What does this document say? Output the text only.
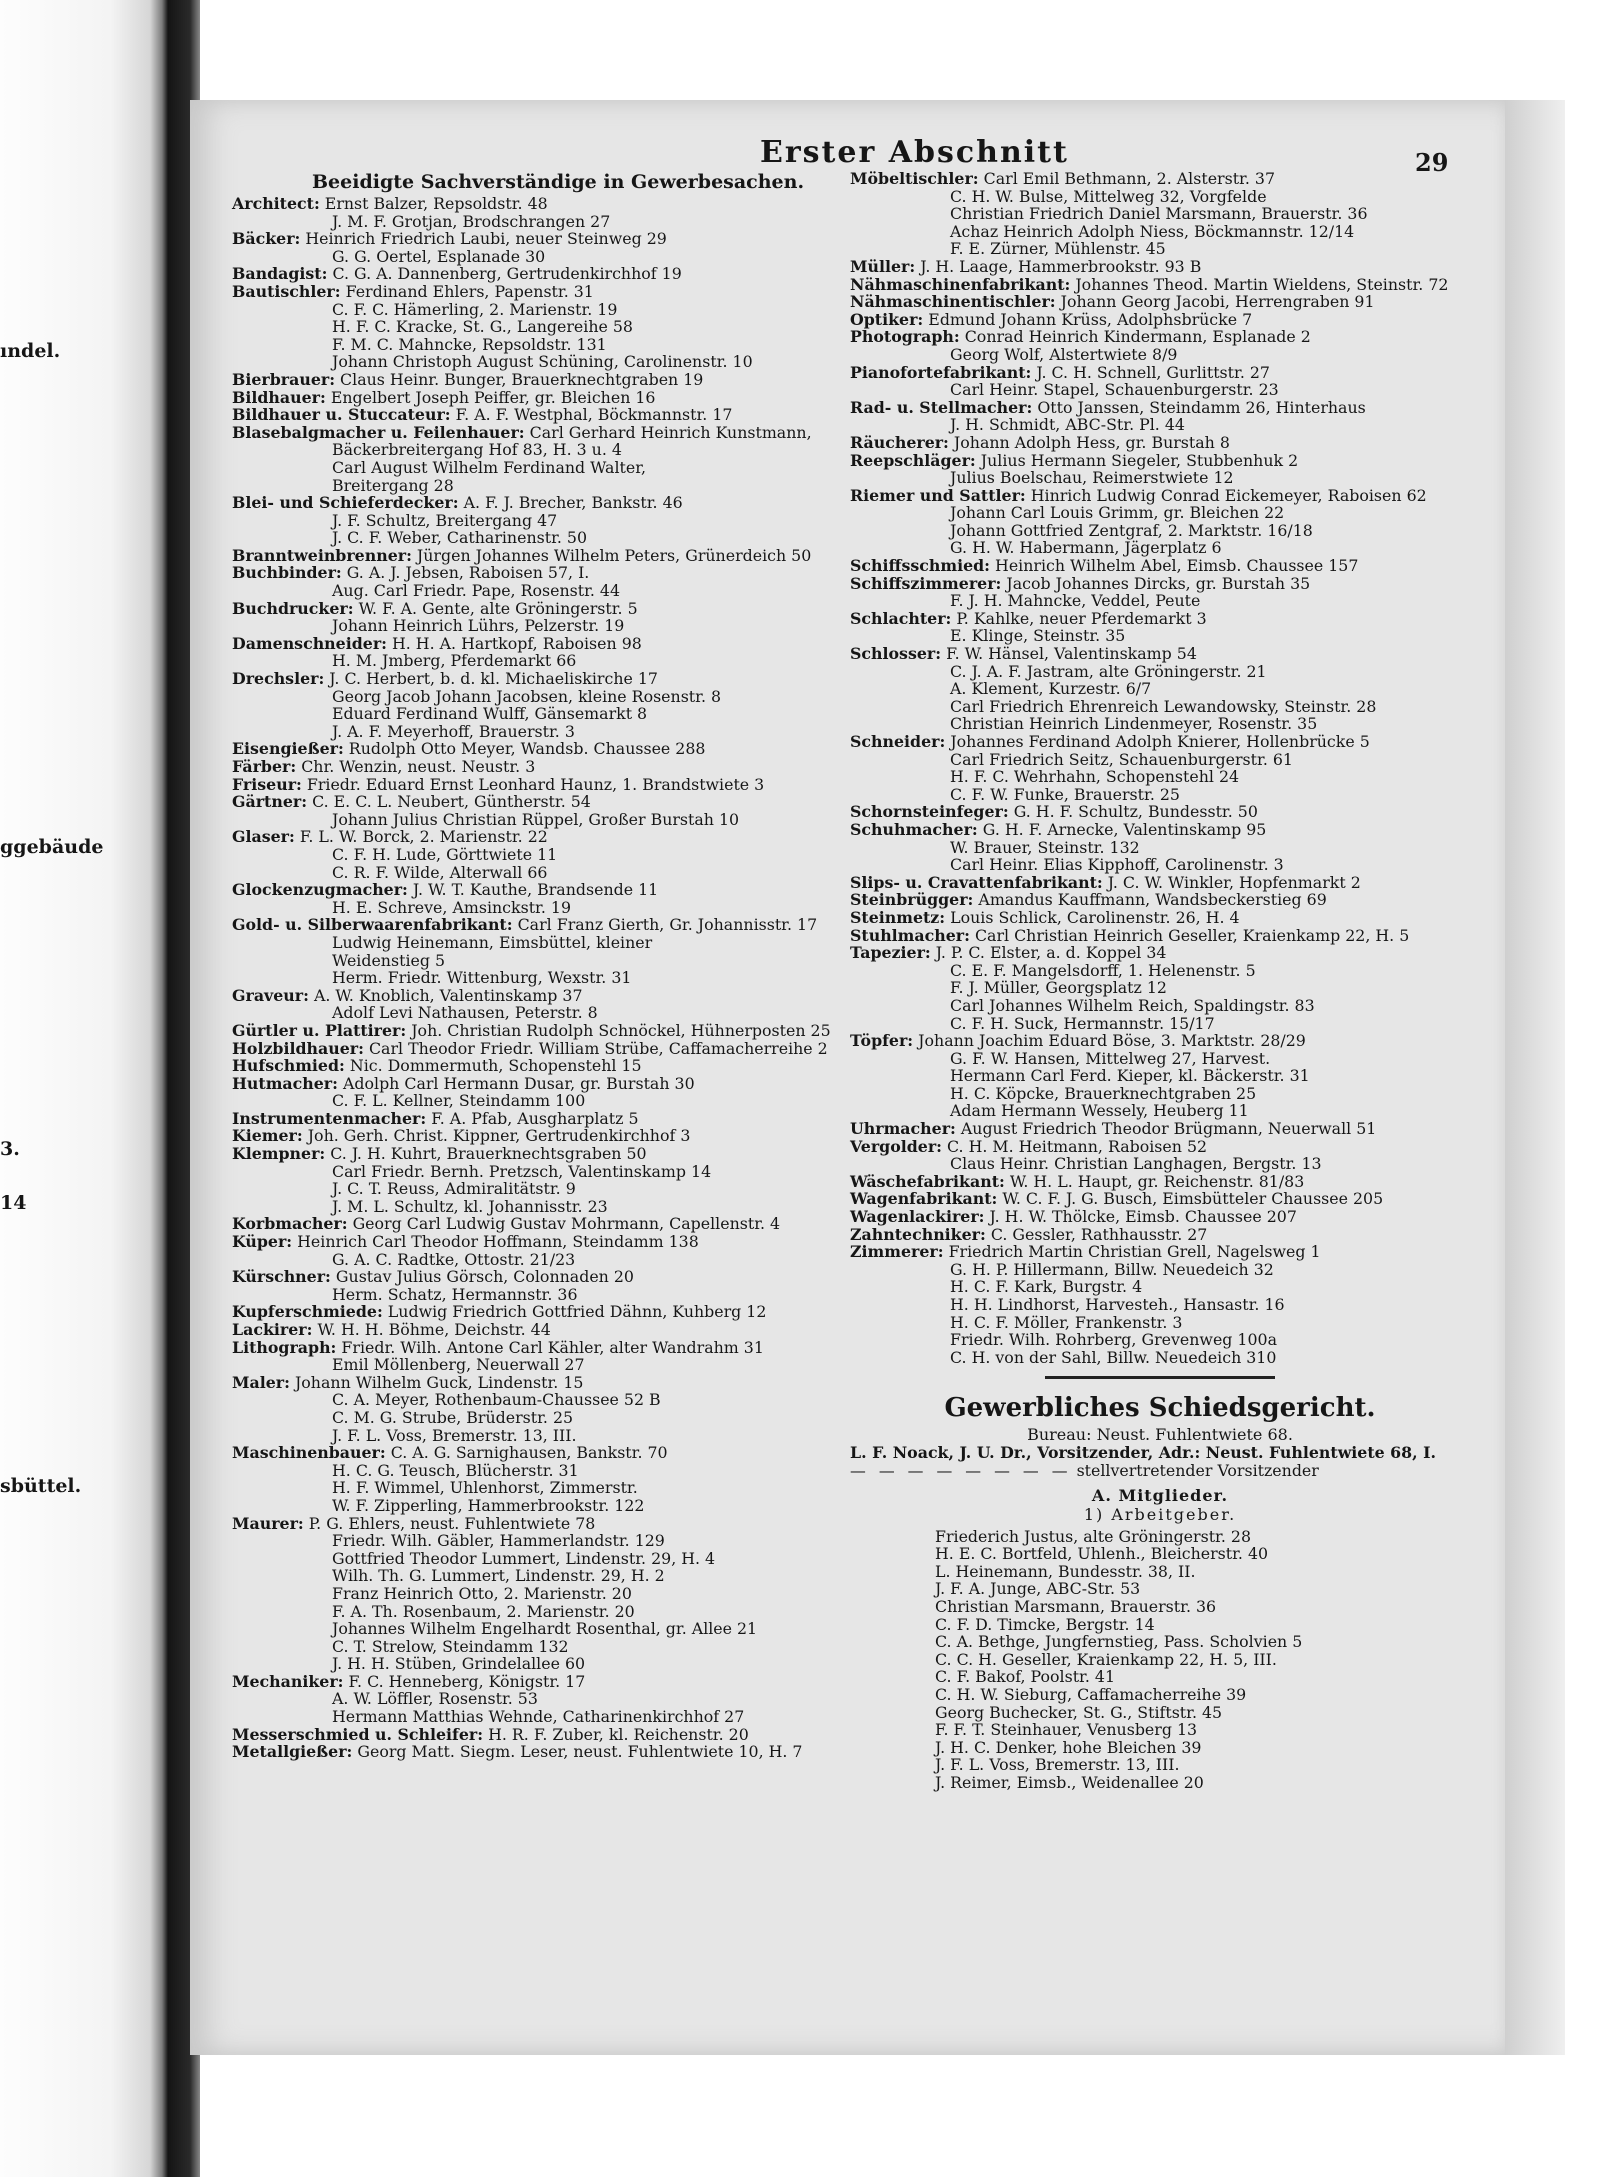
ındel.
ggebäude
3.
14
sbüttel.
Erster Abschnitt	29
Beeidigte Sachverständige in Gewerbesachen.
Architect: Ernst Balzer, Repsoldstr. 48
J. M. F. Grotjan, Brodschrangen 27
Bäcker: Heinrich Friedrich Laubi, neuer Steinweg 29
G. G. Oertel, Esplanade 30
Bandagist: C. G. A. Dannenberg, Gertrudenkirchhof 19
Bautischler: Ferdinand Ehlers, Papenstr. 31
C. F. C. Hämerling, 2. Marienstr. 19
H. F. C. Kracke, St. G., Langereihe 58
F. M. C. Mahncke, Repsoldstr. 131
Johann Christoph August Schüning, Carolinenstr. 10
Bierbrauer: Claus Heinr. Bunger, Brauerknechtgraben 19
Bildhauer: Engelbert Joseph Peiffer, gr. Bleichen 16
Bildhauer u. Stuccateur: F. A. F. Westphal, Böckmannstr. 17
Blasebalgmacher u. Feilenhauer: Carl Gerhard Heinrich Kunstmann,
Bäckerbreitergang Hof 83, H. 3 u. 4
Carl August Wilhelm Ferdinand Walter,
Breitergang 28
Blei- und Schieferdecker: A. F. J. Brecher, Bankstr. 46
J. F. Schultz, Breitergang 47
J. C. F. Weber, Catharinenstr. 50
Branntweinbrenner: Jürgen Johannes Wilhelm Peters, Grünerdeich 50
Buchbinder: G. A. J. Jebsen, Raboisen 57, I.
Aug. Carl Friedr. Pape, Rosenstr. 44
Buchdrucker: W. F. A. Gente, alte Gröningerstr. 5
Johann Heinrich Lührs, Pelzerstr. 19
Damenschneider: H. H. A. Hartkopf, Raboisen 98
H. M. Jmberg, Pferdemarkt 66
Drechsler: J. C. Herbert, b. d. kl. Michaeliskirche 17
Georg Jacob Johann Jacobsen, kleine Rosenstr. 8
Eduard Ferdinand Wulff, Gänsemarkt 8
J. A. F. Meyerhoff, Brauerstr. 3
Eisengießer: Rudolph Otto Meyer, Wandsb. Chaussee 288
Färber: Chr. Wenzin, neust. Neustr. 3
Friseur: Friedr. Eduard Ernst Leonhard Haunz, 1. Brandstwiete 3
Gärtner: C. E. C. L. Neubert, Güntherstr. 54
Johann Julius Christian Rüppel, Großer Burstah 10
Glaser: F. L. W. Borck, 2. Marienstr. 22
C. F. H. Lude, Görttwiete 11
C. R. F. Wilde, Alterwall 66
Glockenzugmacher: J. W. T. Kauthe, Brandsende 11
H. E. Schreve, Amsinckstr. 19
Gold- u. Silberwaarenfabrikant: Carl Franz Gierth, Gr. Johannisstr. 17
Ludwig Heinemann, Eimsbüttel, kleiner
Weidenstieg 5
Herm. Friedr. Wittenburg, Wexstr. 31
Graveur: A. W. Knoblich, Valentinskamp 37
Adolf Levi Nathausen, Peterstr. 8
Gürtler u. Plattirer: Joh. Christian Rudolph Schnöckel, Hühnerposten 25
Holzbildhauer: Carl Theodor Friedr. William Strübe, Caffamacherreihe 2
Hufschmied: Nic. Dommermuth, Schopenstehl 15
Hutmacher: Adolph Carl Hermann Dusar, gr. Burstah 30
C. F. L. Kellner, Steindamm 100
Instrumentenmacher: F. A. Pfab, Ausgharplatz 5
Kiemer: Joh. Gerh. Christ. Kippner, Gertrudenkirchhof 3
Klempner: C. J. H. Kuhrt, Brauerknechtsgraben 50
Carl Friedr. Bernh. Pretzsch, Valentinskamp 14
J. C. T. Reuss, Admiralitätstr. 9
J. M. L. Schultz, kl. Johannisstr. 23
Korbmacher: Georg Carl Ludwig Gustav Mohrmann, Capellenstr. 4
Küper: Heinrich Carl Theodor Hoffmann, Steindamm 138
G. A. C. Radtke, Ottostr. 21/23
Kürschner: Gustav Julius Görsch, Colonnaden 20
Herm. Schatz, Hermannstr. 36
Kupferschmiede: Ludwig Friedrich Gottfried Dähnn, Kuhberg 12
Lackirer: W. H. H. Böhme, Deichstr. 44
Lithograph: Friedr. Wilh. Antone Carl Kähler, alter Wandrahm 31
Emil Möllenberg, Neuerwall 27
Maler: Johann Wilhelm Guck, Lindenstr. 15
C. A. Meyer, Rothenbaum-Chaussee 52 B
C. M. G. Strube, Brüderstr. 25
J. F. L. Voss, Bremerstr. 13, III.
Maschinenbauer: C. A. G. Sarnighausen, Bankstr. 70
H. C. G. Teusch, Blücherstr. 31
H. F. Wimmel, Uhlenhorst, Zimmerstr.
W. F. Zipperling, Hammerbrookstr. 122
Maurer: P. G. Ehlers, neust. Fuhlentwiete 78
Friedr. Wilh. Gäbler, Hammerlandstr. 129
Gottfried Theodor Lummert, Lindenstr. 29, H. 4
Wilh. Th. G. Lummert, Lindenstr. 29, H. 2
Franz Heinrich Otto, 2. Marienstr. 20
F. A. Th. Rosenbaum, 2. Marienstr. 20
Johannes Wilhelm Engelhardt Rosenthal, gr. Allee 21
C. T. Strelow, Steindamm 132
J. H. H. Stüben, Grindelallee 60
Mechaniker: F. C. Henneberg, Königstr. 17
A. W. Löffler, Rosenstr. 53
Hermann Matthias Wehnde, Catharinenkirchhof 27
Messerschmied u. Schleifer: H. R. F. Zuber, kl. Reichenstr. 20
Metallgießer: Georg Matt. Siegm. Leser, neust. Fuhlentwiete 10, H. 7
Möbeltischler: Carl Emil Bethmann, 2. Alsterstr. 37
C. H. W. Bulse, Mittelweg 32, Vorgfelde
Christian Friedrich Daniel Marsmann, Brauerstr. 36
Achaz Heinrich Adolph Niess, Böckmannstr. 12/14
F. E. Zürner, Mühlenstr. 45
Müller: J. H. Laage, Hammerbrookstr. 93 B
Nähmaschinenfabrikant: Johannes Theod. Martin Wieldens, Steinstr. 72
Nähmaschinentischler: Johann Georg Jacobi, Herrengraben 91
Optiker: Edmund Johann Krüss, Adolphsbrücke 7
Photograph: Conrad Heinrich Kindermann, Esplanade 2
Georg Wolf, Alstertwiete 8/9
Pianofortefabrikant: J. C. H. Schnell, Gurlittstr. 27
Carl Heinr. Stapel, Schauenburgerstr. 23
Rad- u. Stellmacher: Otto Janssen, Steindamm 26, Hinterhaus
J. H. Schmidt, ABC-Str. Pl. 44
Räucherer: Johann Adolph Hess, gr. Burstah 8
Reepschläger: Julius Hermann Siegeler, Stubbenhuk 2
Julius Boelschau, Reimerstwiete 12
Riemer und Sattler: Hinrich Ludwig Conrad Eickemeyer, Raboisen 62
Johann Carl Louis Grimm, gr. Bleichen 22
Johann Gottfried Zentgraf, 2. Marktstr. 16/18
G. H. W. Habermann, Jägerplatz 6
Schiffsschmied: Heinrich Wilhelm Abel, Eimsb. Chaussee 157
Schiffszimmerer: Jacob Johannes Dircks, gr. Burstah 35
F. J. H. Mahncke, Veddel, Peute
Schlachter: P. Kahlke, neuer Pferdemarkt 3
E. Klinge, Steinstr. 35
Schlosser: F. W. Hänsel, Valentinskamp 54
C. J. A. F. Jastram, alte Gröningerstr. 21
A. Klement, Kurzestr. 6/7
Carl Friedrich Ehrenreich Lewandowsky, Steinstr. 28
Christian Heinrich Lindenmeyer, Rosenstr. 35
Schneider: Johannes Ferdinand Adolph Knierer, Hollenbrücke 5
Carl Friedrich Seitz, Schauenburgerstr. 61
H. F. C. Wehrhahn, Schopenstehl 24
C. F. W. Funke, Brauerstr. 25
Schornsteinfeger: G. H. F. Schultz, Bundesstr. 50
Schuhmacher: G. H. F. Arnecke, Valentinskamp 95
W. Brauer, Steinstr. 132
Carl Heinr. Elias Kipphoff, Carolinenstr. 3
Slips- u. Cravattenfabrikant: J. C. W. Winkler, Hopfenmarkt 2
Steinbrügger: Amandus Kauffmann, Wandsbeckerstieg 69
Steinmetz: Louis Schlick, Carolinenstr. 26, H. 4
Stuhlmacher: Carl Christian Heinrich Geseller, Kraienkamp 22, H. 5
Tapezier: J. P. C. Elster, a. d. Koppel 34
C. E. F. Mangelsdorff, 1. Helenenstr. 5
F. J. Müller, Georgsplatz 12
Carl Johannes Wilhelm Reich, Spaldingstr. 83
C. F. H. Suck, Hermannstr. 15/17
Töpfer: Johann Joachim Eduard Böse, 3. Marktstr. 28/29
G. F. W. Hansen, Mittelweg 27, Harvest.
Hermann Carl Ferd. Kieper, kl. Bäckerstr. 31
H. C. Köpcke, Brauerknechtgraben 25
Adam Hermann Wessely, Heuberg 11
Uhrmacher: August Friedrich Theodor Brügmann, Neuerwall 51
Vergolder: C. H. M. Heitmann, Raboisen 52
Claus Heinr. Christian Langhagen, Bergstr. 13
Wäschefabrikant: W. H. L. Haupt, gr. Reichenstr. 81/83
Wagenfabrikant: W. C. F. J. G. Busch, Eimsbütteler Chaussee 205
Wagenlackirer: J. H. W. Thölcke, Eimsb. Chaussee 207
Zahntechniker: C. Gessler, Rathhausstr. 27
Zimmerer: Friedrich Martin Christian Grell, Nagelsweg 1
G. H. P. Hillermann, Billw. Neuedeich 32
H. C. F. Kark, Burgstr. 4
H. H. Lindhorst, Harvesteh., Hansastr. 16
H. C. F. Möller, Frankenstr. 3
Friedr. Wilh. Rohrberg, Grevenweg 100a
C. H. von der Sahl, Billw. Neuedeich 310
Gewerbliches Schiedsgericht.
Bureau: Neust. Fuhlentwiete 68.
L. F. Noack, J. U. Dr., Vorsitzender, Adr.: Neust. Fuhlentwiete 68, I.
— — — — — — — — stellvertretender Vorsitzender
A. Mitglieder.
1) Arbeitgeber.
Friederich Justus, alte Gröningerstr. 28
H. E. C. Bortfeld, Uhlenh., Bleicherstr. 40
L. Heinemann, Bundesstr. 38, II.
J. F. A. Junge, ABC-Str. 53
Christian Marsmann, Brauerstr. 36
C. F. D. Timcke, Bergstr. 14
C. A. Bethge, Jungfernstieg, Pass. Scholvien 5
C. C. H. Geseller, Kraienkamp 22, H. 5, III.
C. F. Bakof, Poolstr. 41
C. H. W. Sieburg, Caffamacherreihe 39
Georg Buchecker, St. G., Stiftstr. 45
F. F. T. Steinhauer, Venusberg 13
J. H. C. Denker, hohe Bleichen 39
J. F. L. Voss, Bremerstr. 13, III.
J. Reimer, Eimsb., Weidenallee 20
